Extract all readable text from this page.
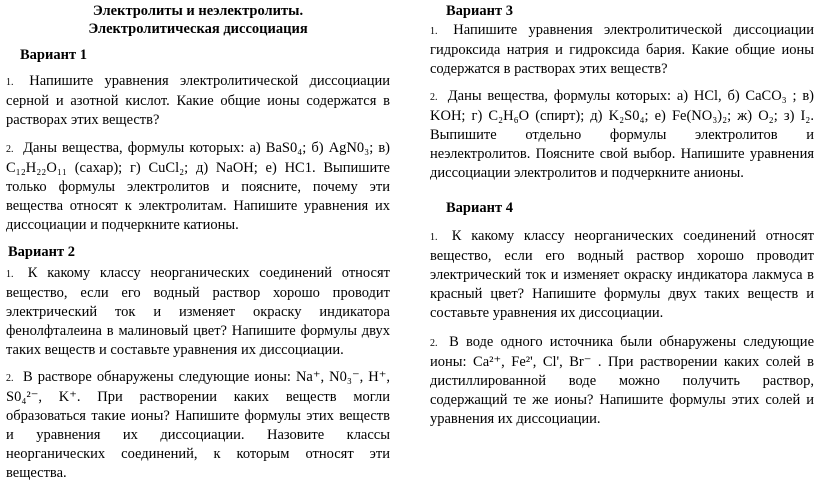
Электролиты и неэлектролиты.

Электролитическая диссоциация

Вариант 1

1. Напишите уравнения электролитической диссоциации серной и азотной кислот. Какие общие ионы содержатся в растворах этих веществ?

2. Даны вещества, формулы которых: а) BaS0₄; б) AgN0₃; в) C₁₂H₂₂O₁₁ (сахар); г) CuCl₂; д) NaOH; е) НС1. Выпишите только формулы электролитов и поясните, почему эти вещества относят к электролитам. Напишите уравнения их диссоциации и подчеркните катионы.

Вариант 2

1. К какому классу неорганических соединений относят вещество, если его водный раствор хорошо проводит электрический ток и изменяет окраску индикатора фенолфталеина в малиновый цвет? Напишите формулы двух таких веществ и составьте уравнения их диссоциации.

2. В растворе обнаружены следующие ионы: Na⁺, N0₃⁻, H⁺, S0₄²⁻, K⁺. При растворении каких веществ могли образоваться такие ионы? Напишите формулы этих веществ и уравнения их диссоциации. Назовите классы неорганических соединений, к которым относят эти вещества.

Вариант 3

1. Напишите уравнения электролитической диссоциации гидроксида натрия и гидроксида бария. Какие общие ионы содержатся в растворах этих веществ?

2. Даны вещества, формулы которых: а) HCl, б) CaCO₃ ; в) KOH; г) C₂H₆O (спирт); д) K₂S0₄; е) Fe(NO₃)₂; ж) O₂; з) I₂. Выпишите отдельно формулы электролитов и неэлектролитов. Поясните свой выбор. Напишите уравнения диссоциации электролитов и подчеркните анионы.

Вариант 4

1. К какому классу неорганических соединений относят вещество, если его водный раствор хорошо проводит электрический ток и изменяет окраску индикатора лакмуса в красный цвет? Напишите формулы двух таких веществ и составьте уравнения их диссоциации.

2. В воде одного источника были обнаружены следующие ионы: Ca²⁺, Fe²', Cl', Br⁻ . При растворении каких солей в дистиллированной воде можно получить раствор, содержащий те же ионы? Напишите формулы этих солей и уравнения их диссоциации.
